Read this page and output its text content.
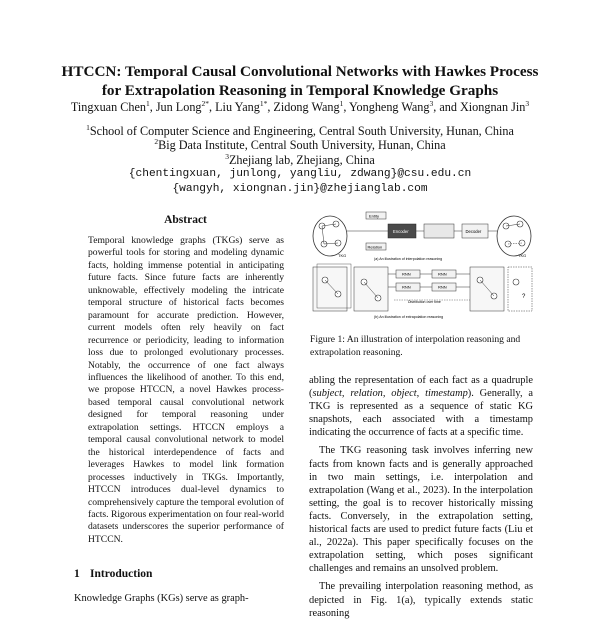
HTCCN: Temporal Causal Convolutional Networks with Hawkes Process
for Extrapolation Reasoning in Temporal Knowledge Graphs
Tingxuan Chen$^1$, Jun Long$^{2*}$, Liu Yang$^{1*}$, Zidong Wang$^1$, Yongheng Wang$^3$, and Xiongnan Jin$^3$
$^1$School of Computer Science and Engineering, Central South University, Hunan, China
$^2$Big Data Institute, Central South University, Hunan, China
$^3$Zhejiang lab, Zhejiang, China
{chentingxuan, junlong, yangliu, zdwang}@csu.edu.cn
{wangyh, xiongnan.jin}@zhejianglab.com
Abstract
Temporal knowledge graphs (TKGs) serve as powerful tools for storing and modeling dynamic facts, holding immense potential in anticipating future facts. Since future facts are inherently unknowable, effectively modeling the intricate temporal structure of historical facts becomes paramount for accurate prediction. However, current models often rely heavily on fact recurrence or periodicity, leading to information loss due to prolonged evolutionary processes. Notably, the occurrence of one fact always influences the likelihood of another. To this end, we propose HTCCN, a novel Hawkes process-based temporal causal convolutional network designed for temporal reasoning under extrapolation settings. HTCCN employs a temporal causal convolutional network to model the historical interdependence of facts and leverages Hawkes to model link formation processes inductively in TKGs. Importantly, HTCCN introduces dual-level dynamics to comprehensively capture the temporal evolution of facts. Rigorous experimentation on four real-world datasets underscores the superior performance of HTCCN.
1 Introduction
Knowledge Graphs (KGs) serve as graph-
TKG
Entity
Relation
Encoder	Decoder
TKG
(a) An illustration of interpolation reasoning
RNN
RNN
RNN
RNN
Distribution over time
?
(b) An illustration of extrapolation reasoning
Figure 1: An illustration of interpolation reasoning and extrapolation reasoning.

abling the representation of each fact as a quadruple (subject, relation, object, timestamp). Generally, a TKG is represented as a sequence of static KG snapshots, each associated with a timestamp indicating the occurrence of facts at a specific time.

The TKG reasoning task involves inferring new facts from known facts and is generally approached in two main settings, i.e. interpolation and extrapolation (Wang et al., 2023). In the interpolation setting, the goal is to recover historically missing facts. Conversely, in the extrapolation setting, historical facts are used to predict future facts (Liu et al., 2022a). This paper specifically focuses on the extrapolation setting, which poses significant challenges and remains an unsolved problem.

The prevailing interpolation reasoning method, as depicted in Fig. 1(a), typically extends static reasoning
